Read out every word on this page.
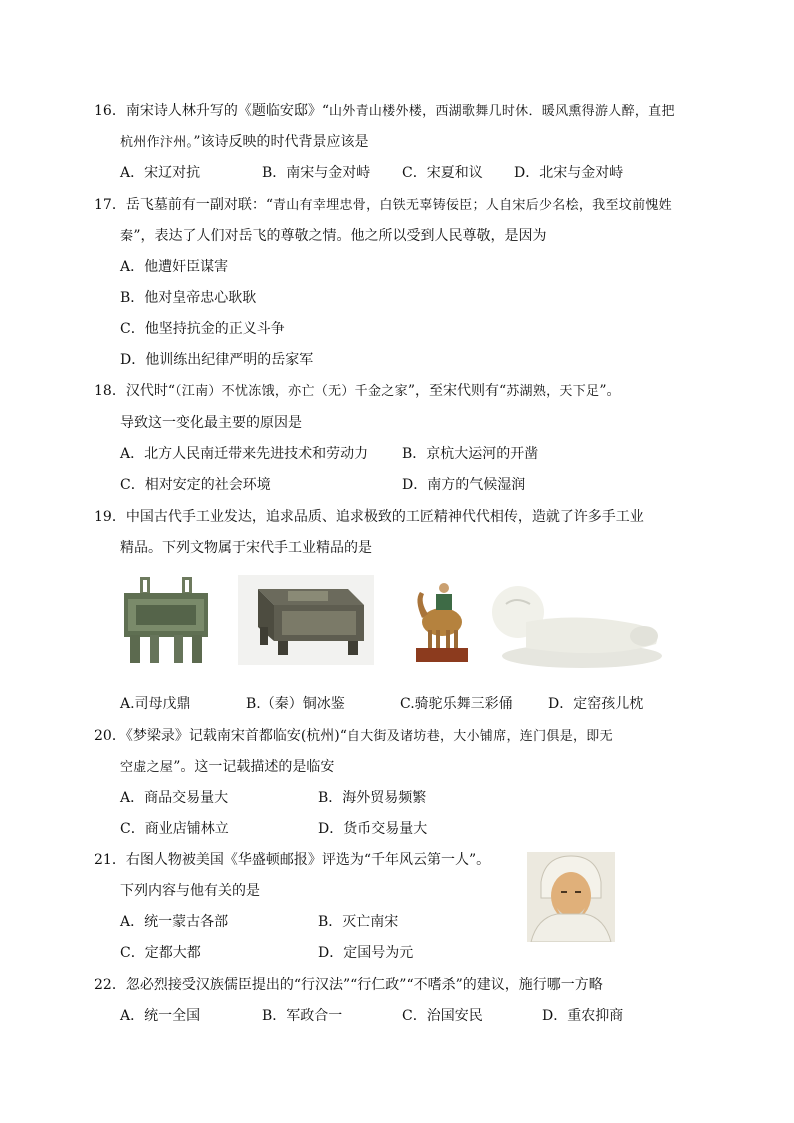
16．南宋诗人林升写的《题临安邸》“山外青山楼外楼，西湖歌舞几时休．暖风熏得游人醉，直把
杭州作汴州。”该诗反映的时代背景应该是
A．宋辽对抗	B．南宋与金对峙 C．宋夏和议 D．北宋与金对峙
17．岳飞墓前有一副对联：“青山有幸埋忠骨，白铁无辜铸佞臣；人自宋后少名桧，我至坟前愧姓
秦”，表达了人们对岳飞的尊敬之情。他之所以受到人民尊敬，是因为
A．他遭奸臣谋害
B．他对皇帝忠心耿耿
C．他坚持抗金的正义斗争
D．他训练出纪律严明的岳家军
18．汉代时“（江南）不忧冻饿，亦亡（无）千金之家”，至宋代则有“苏湖熟，天下足”。
导致这一变化最主要的原因是
A．北方人民南迁带来先进技术和劳动力 B．京杭大运河的开凿
C．相对安定的社会环境	D．南方的气候湿润
19．中国古代手工业发达，追求品质、追求极致的工匠精神代代相传，造就了许多手工业
精品。下列文物属于宋代手工业精品的是
A.司母戊鼎	B.（秦）铜冰鉴	C.骑驼乐舞三彩俑	D．定窑孩儿枕
20．《梦梁录》记载南宋首都临安(杭州)“自大街及诸坊巷，大小铺席，连门俱是，即无
空虚之屋”。这一记载描述的是临安
A．商品交易量大	B．海外贸易频繁
C．商业店铺林立	D．货币交易量大
21．右图人物被美国《华盛顿邮报》评选为“千年风云第一人”。
下列内容与他有关的是
A．统一蒙古各部	B．灭亡南宋
C．定都大都	D．定国号为元
22．忽必烈接受汉族儒臣提出的“行汉法”“行仁政”“不嗜杀”的建议，施行哪一方略
A．统一全国	B．军政合一	C．治国安民	D．重农抑商
